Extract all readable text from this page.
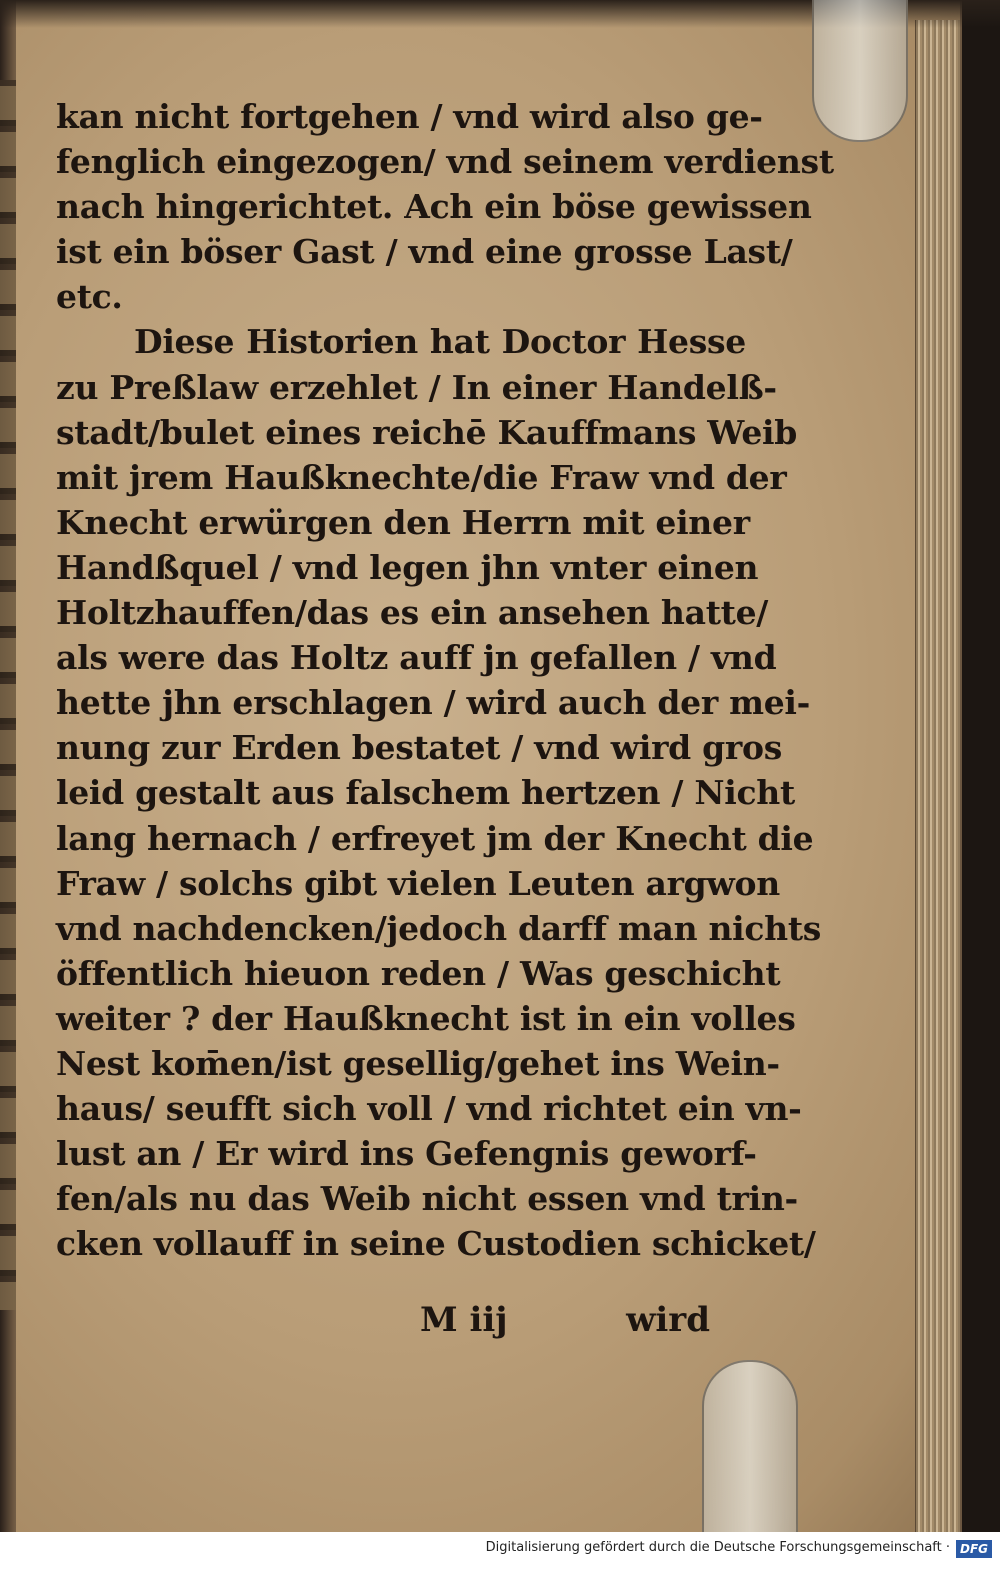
kan nicht fortgehen / vnd wird also ge-
fenglich eingezogen/ vnd seinem verdienst
nach hingerichtet. Ach ein böse gewissen
ist ein böser Gast / vnd eine grosse Last/
etc.
Diese Historien hat Doctor Hesse
zu Preßlaw erzehlet / In einer Handelß-
stadt/bulet eines reichē Kauffmans Weib
mit jrem Haußknechte/die Fraw vnd der
Knecht erwürgen den Herrn mit einer
Handßquel / vnd legen jhn vnter einen
Holtzhauffen/das es ein ansehen hatte/
als were das Holtz auff jn gefallen / vnd
hette jhn erschlagen / wird auch der mei-
nung zur Erden bestatet / vnd wird gros
leid gestalt aus falschem hertzen / Nicht
lang hernach / erfreyet jm der Knecht die
Fraw / solchs gibt vielen Leuten argwon
vnd nachdencken/jedoch darff man nichts
öffentlich hieuon reden / Was geschicht
weiter ? der Haußknecht ist in ein volles
Nest kom̄en/ist gesellig/gehet ins Wein-
haus/ seufft sich voll / vnd richtet ein vn-
lust an / Er wird ins Gefengnis geworf-
fen/als nu das Weib nicht essen vnd trin-
cken vollauff in seine Custodien schicket/
M iij	wird
Digitalisierung gefördert durch die Deutsche Forschungsgemeinschaft · DFG
